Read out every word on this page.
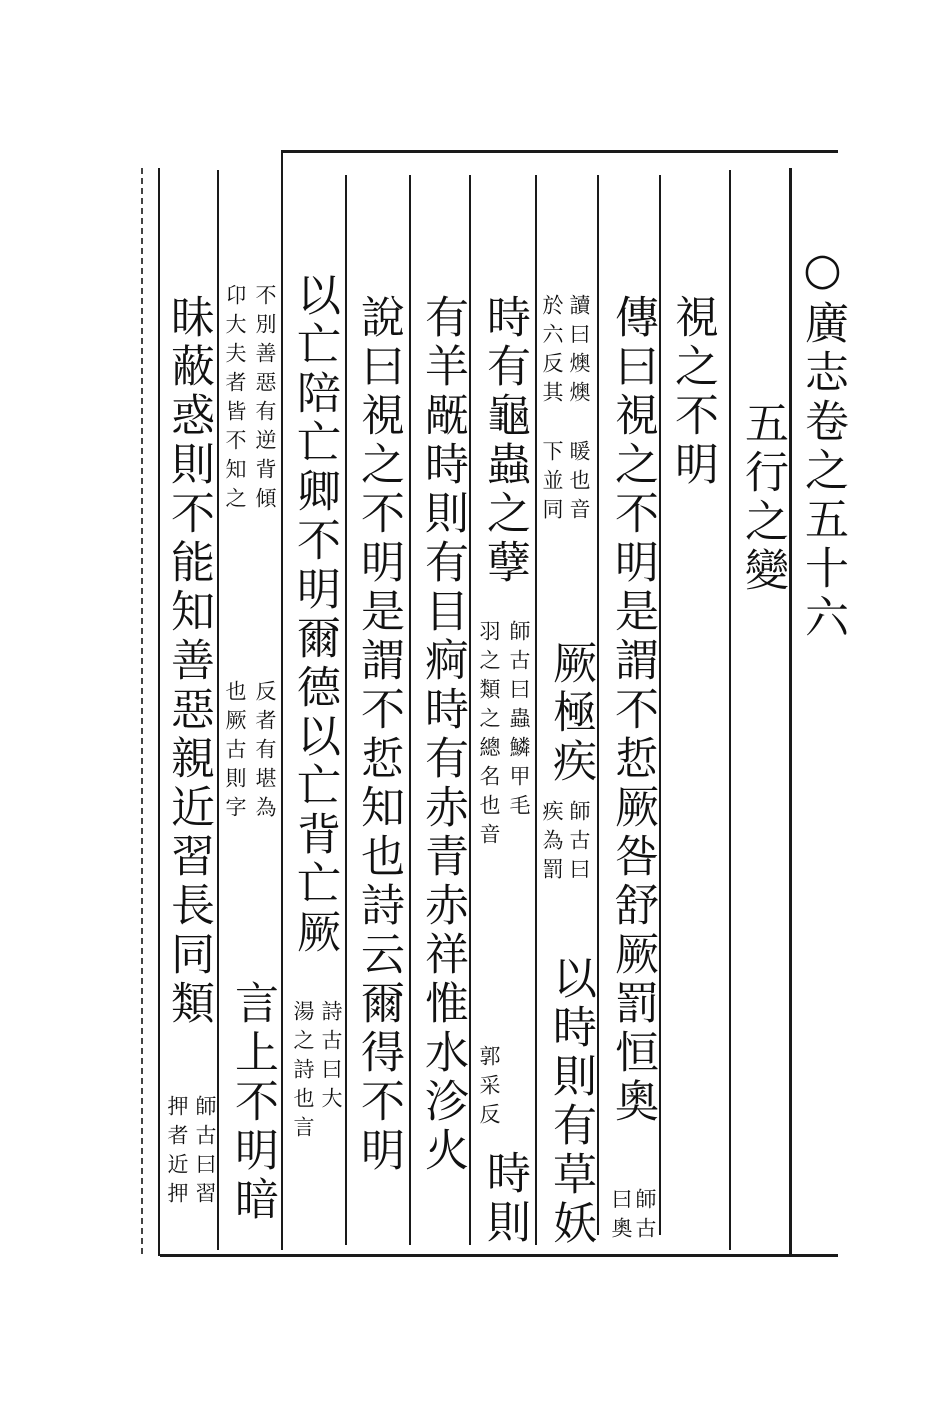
○廣志卷之五十六
五行之變
視之不明
傳曰視之不明是謂不悊厥咎舒厥罰恒奧
師古
曰奧
讀曰燠燠
於六反其
暖也音
下並同
厥極疾
師古曰
疾為罰
以時則有草妖
時有龜蟲之孽
師古曰蟲鱗甲毛
羽之類之總名也音
郭采反
時則
有羊旤時則有目痾時有赤青赤祥惟水沴火
說曰視之不明是謂不悊知也詩云爾得不明
以亡陪亡卿不明爾德以亡背亡厥
詩古曰大
湯之詩也言
不別善惡有逆背傾
卬大夫者皆不知之
反者有堪為
也厥古則字
言上不明暗
昧蔽惑則不能知善惡親近習長同類
師古曰習
押者近押
